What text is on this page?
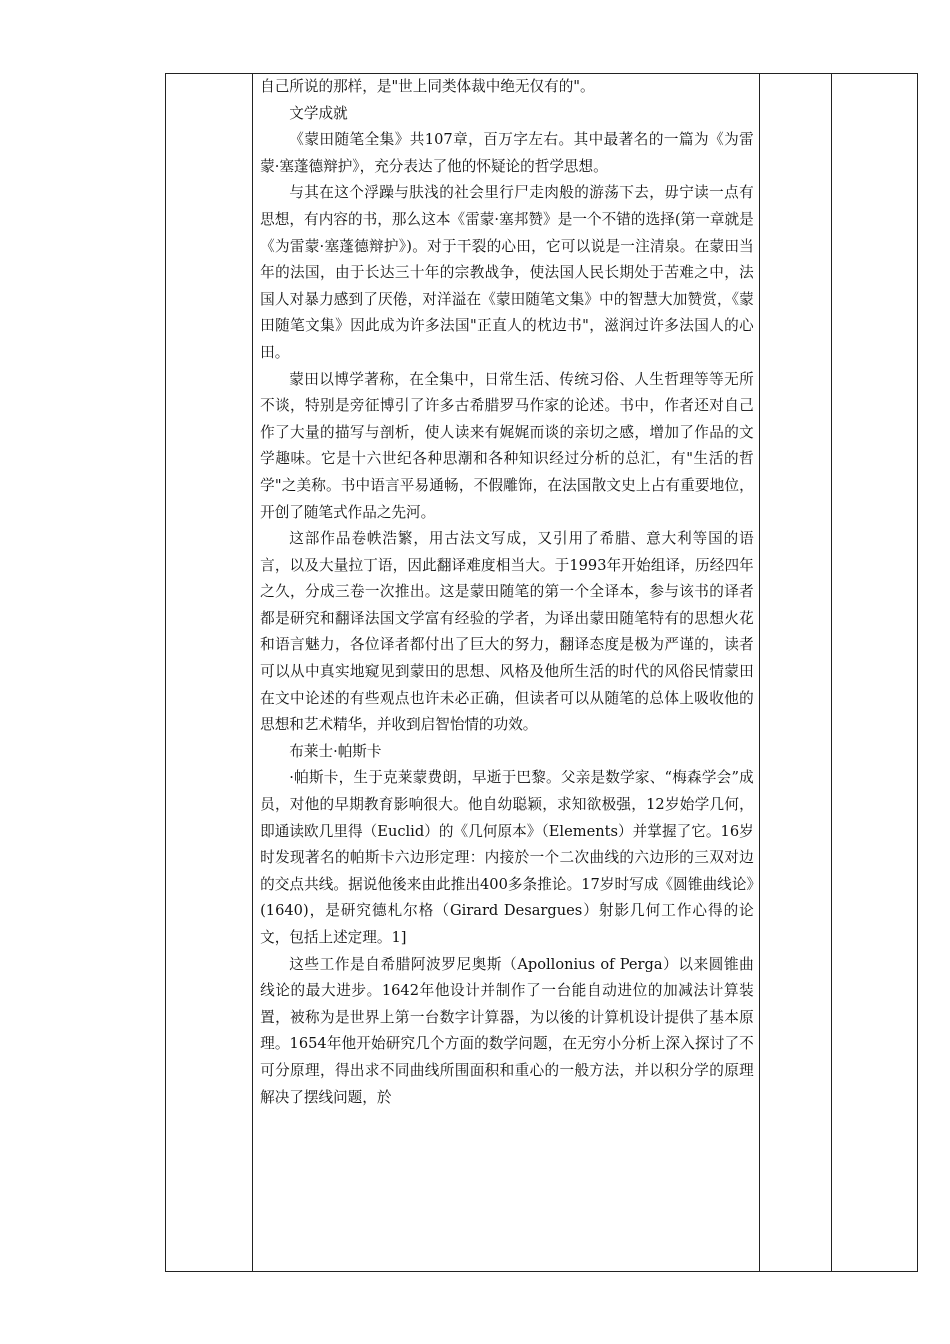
自己所说的那样，是"世上同类体裁中绝无仅有的"。

文学成就

《蒙田随笔全集》共107章，百万字左右。其中最著名的一篇为《为雷蒙·塞蓬德辩护》，充分表达了他的怀疑论的哲学思想。

与其在这个浮躁与肤浅的社会里行尸走肉般的游荡下去，毋宁读一点有思想，有内容的书，那么这本《雷蒙·塞邦赞》是一个不错的选择(第一章就是《为雷蒙·塞蓬德辩护》)。对于干裂的心田，它可以说是一注清泉。在蒙田当年的法国，由于长达三十年的宗教战争，使法国人民长期处于苦难之中，法国人对暴力感到了厌倦，对洋溢在《蒙田随笔文集》中的智慧大加赞赏，《蒙田随笔文集》因此成为许多法国"正直人的枕边书"，滋润过许多法国人的心田。

蒙田以博学著称，在全集中，日常生活、传统习俗、人生哲理等等无所不谈，特别是旁征博引了许多古希腊罗马作家的论述。书中，作者还对自己作了大量的描写与剖析，使人读来有娓娓而谈的亲切之感，增加了作品的文学趣味。它是十六世纪各种思潮和各种知识经过分析的总汇，有"生活的哲学"之美称。书中语言平易通畅，不假雕饰，在法国散文史上占有重要地位，开创了随笔式作品之先河。

这部作品卷帙浩繁，用古法文写成，又引用了希腊、意大利等国的语言，以及大量拉丁语，因此翻译难度相当大。于1993年开始组译，历经四年之久，分成三卷一次推出。这是蒙田随笔的第一个全译本，参与该书的译者都是研究和翻译法国文学富有经验的学者，为译出蒙田随笔特有的思想火花和语言魅力，各位译者都付出了巨大的努力，翻译态度是极为严谨的，读者可以从中真实地窥见到蒙田的思想、风格及他所生活的时代的风俗民情蒙田在文中论述的有些观点也许未必正确，但读者可以从随笔的总体上吸收他的思想和艺术精华，并收到启智怡情的功效。

布莱士·帕斯卡

·帕斯卡，生于克莱蒙费朗，早逝于巴黎。父亲是数学家、“梅森学会”成员，对他的早期教育影响很大。他自幼聪颖，求知欲极强，12岁始学几何，即通读欧几里得（Euclid）的《几何原本》（Elements）并掌握了它。16岁时发现著名的帕斯卡六边形定理：内接於一个二次曲线的六边形的三双对边的交点共线。据说他後来由此推出400多条推论。17岁时写成《圆锥曲线论》(1640)，是研究德札尔格（Girard Desargues）射影几何工作心得的论文，包括上述定理。1]

这些工作是自希腊阿波罗尼奥斯（Apollonius of Perga）以来圆锥曲线论的最大进步。1642年他设计并制作了一台能自动进位的加减法计算装置，被称为是世界上第一台数字计算器，为以後的计算机设计提供了基本原理。1654年他开始研究几个方面的数学问题，在无穷小分析上深入探讨了不可分原理，得出求不同曲线所围面积和重心的一般方法，并以积分学的原理解决了摆线问题，於
